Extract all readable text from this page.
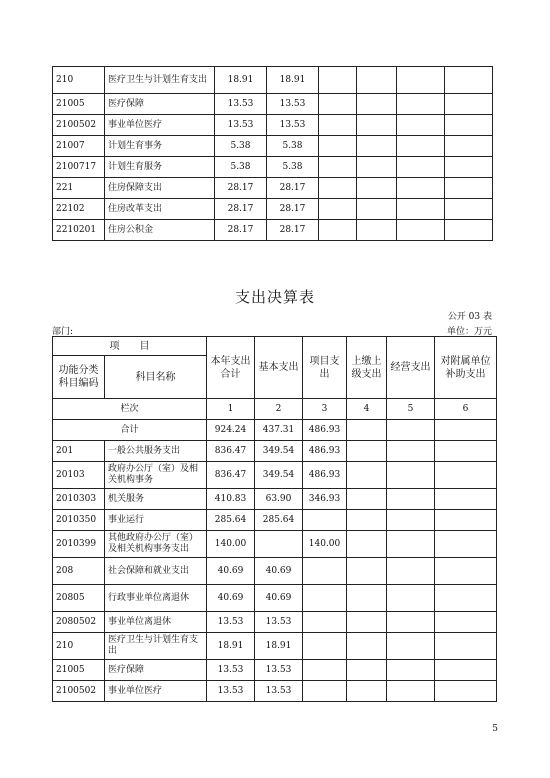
210	医疗卫生与计划生育支出	18.91	18.91				
21005	医疗保障	13.53	13.53				
2100502	事业单位医疗	13.53	13.53				
21007	计划生育事务	5.38	5.38				
2100717	计划生育服务	5.38	5.38				
221	住房保障支出	28.17	28.17				
22102	住房改革支出	28.17	28.17				
2210201	住房公积金	28.17	28.17				
支出决算表
公开 03 表
部门:	单位：万元
项　　目		本年支出合计	基本支出	项目支出	上缴上级支出	经营支出	对附属单位补助支出
功能分类科目编码	科目名称						
栏次		1	2	3	4	5	6
合计		924.24	437.31	486.93			
201	一般公共服务支出	836.47	349.54	486.93			
20103	政府办公厅（室）及相关机构事务	836.47	349.54	486.93			
2010303	机关服务	410.83	63.90	346.93			
2010350	事业运行	285.64	285.64				
2010399	其他政府办公厅（室）及相关机构事务支出	140.00		140.00			
208	社会保障和就业支出	40.69	40.69				
20805	行政事业单位离退休	40.69	40.69				
2080502	事业单位离退休	13.53	13.53				
210	医疗卫生与计划生育支出	18.91	18.91				
21005	医疗保障	13.53	13.53				
2100502	事业单位医疗	13.53	13.53				
5
